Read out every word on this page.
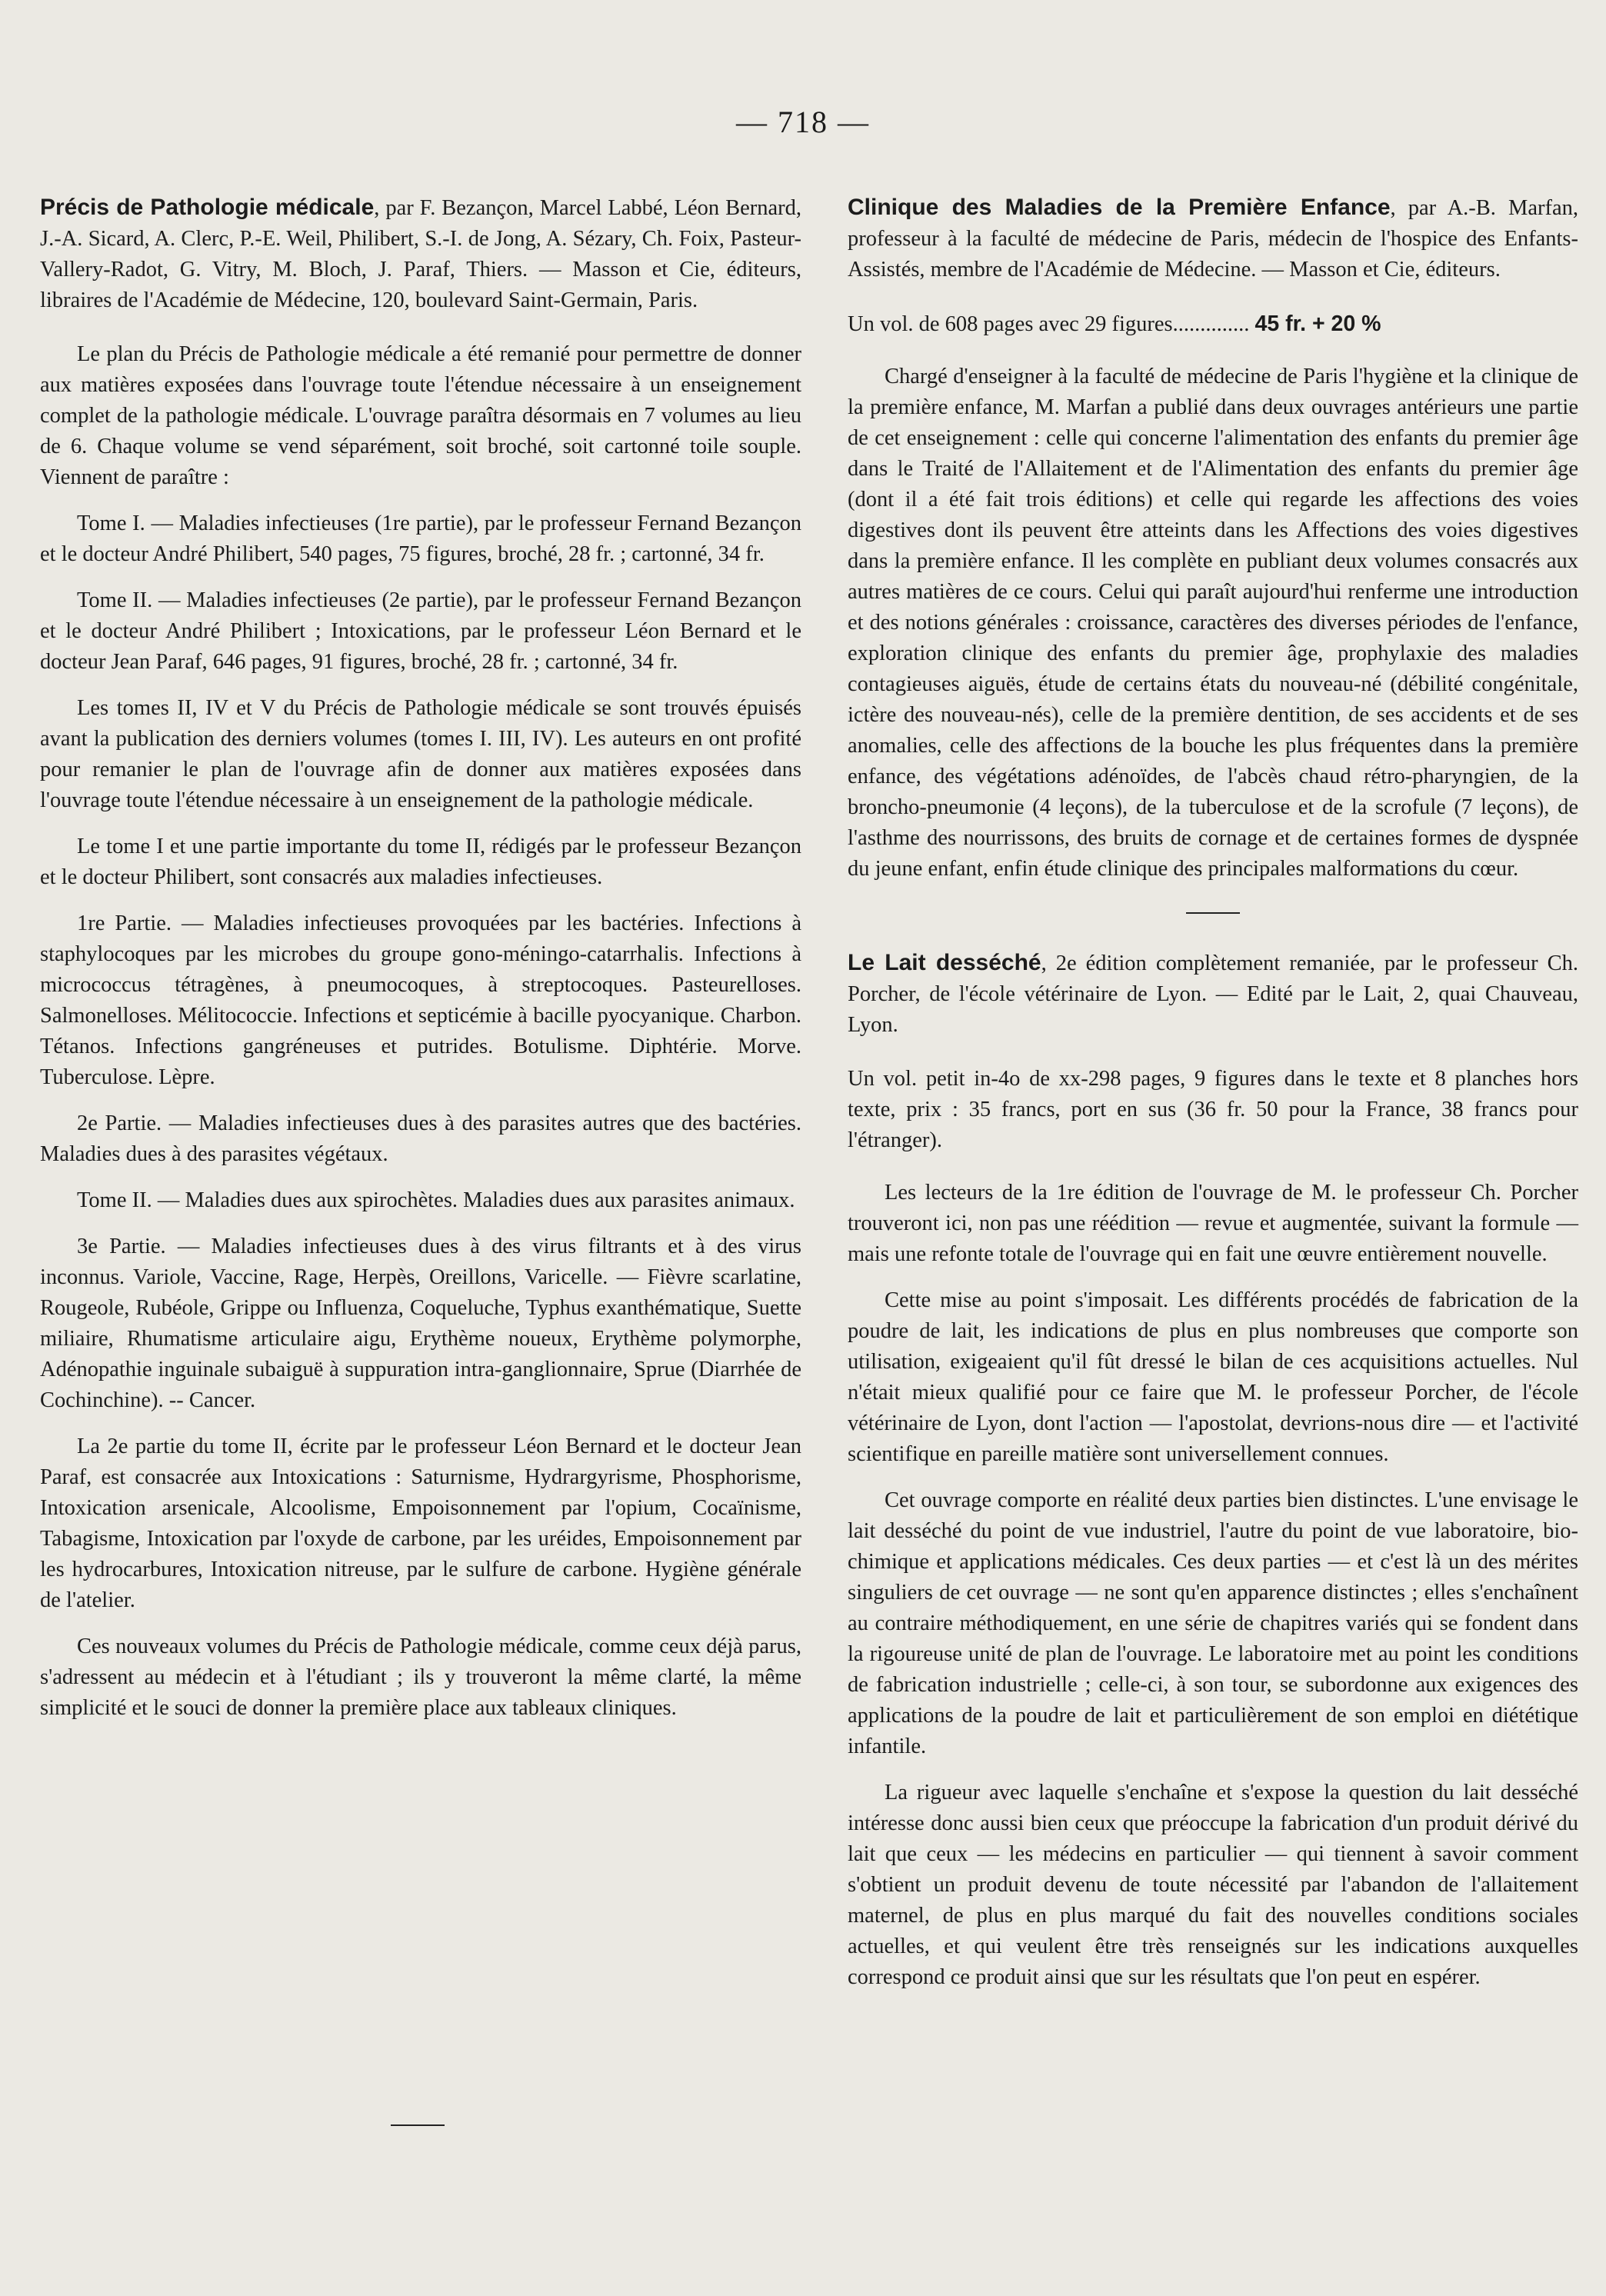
— 718 —

Précis de Pathologie médicale, par F. Bezançon, Marcel Labbé, Léon Bernard, J.-A. Sicard, A. Clerc, P.-E. Weil, Philibert, S.-I. de Jong, A. Sézary, Ch. Foix, Pasteur-Vallery-Radot, G. Vitry, M. Bloch, J. Paraf, Thiers. — Masson et Cie, éditeurs, libraires de l'Académie de Médecine, 120, boulevard Saint-Germain, Paris.

Le plan du Précis de Pathologie médicale a été remanié pour permettre de donner aux matières exposées dans l'ouvrage toute l'étendue nécessaire à un enseignement complet de la pathologie médicale. L'ouvrage paraîtra désormais en 7 volumes au lieu de 6. Chaque volume se vend séparément, soit broché, soit cartonné toile souple. Viennent de paraître :

Tome I. — Maladies infectieuses (1re partie), par le professeur Fernand Bezançon et le docteur André Philibert, 540 pages, 75 figures, broché, 28 fr. ; cartonné, 34 fr.

Tome II. — Maladies infectieuses (2e partie), par le professeur Fernand Bezançon et le docteur André Philibert ; Intoxications, par le professeur Léon Bernard et le docteur Jean Paraf, 646 pages, 91 figures, broché, 28 fr. ; cartonné, 34 fr.

Les tomes II, IV et V du Précis de Pathologie médicale se sont trouvés épuisés avant la publication des derniers volumes (tomes I. III, IV). Les auteurs en ont profité pour remanier le plan de l'ouvrage afin de donner aux matières exposées dans l'ouvrage toute l'étendue nécessaire à un enseignement de la pathologie médicale.

Le tome I et une partie importante du tome II, rédigés par le professeur Bezançon et le docteur Philibert, sont consacrés aux maladies infectieuses.

1re Partie. — Maladies infectieuses provoquées par les bactéries. Infections à staphylocoques par les microbes du groupe gono-méningo-catarrhalis. Infections à micrococcus tétragènes, à pneumocoques, à streptocoques. Pasteurelloses. Salmonelloses. Mélitococcie. Infections et septicémie à bacille pyocyanique. Charbon. Tétanos. Infections gangréneuses et putrides. Botulisme. Diphtérie. Morve. Tuberculose. Lèpre.

2e Partie. — Maladies infectieuses dues à des parasites autres que des bactéries. Maladies dues à des parasites végétaux.

Tome II. — Maladies dues aux spirochètes. Maladies dues aux parasites animaux.

3e Partie. — Maladies infectieuses dues à des virus filtrants et à des virus inconnus. Variole, Vaccine, Rage, Herpès, Oreillons, Varicelle. — Fièvre scarlatine, Rougeole, Rubéole, Grippe ou Influenza, Coqueluche, Typhus exanthématique, Suette miliaire, Rhumatisme articulaire aigu, Erythème noueux, Erythème polymorphe, Adénopathie inguinale subaiguë à suppuration intra-ganglionnaire, Sprue (Diarrhée de Cochinchine). -- Cancer.

La 2e partie du tome II, écrite par le professeur Léon Bernard et le docteur Jean Paraf, est consacrée aux Intoxications : Saturnisme, Hydrargyrisme, Phosphorisme, Intoxication arsenicale, Alcoolisme, Empoisonnement par l'opium, Cocaïnisme, Tabagisme, Intoxication par l'oxyde de carbone, par les uréides, Empoisonnement par les hydrocarbures, Intoxication nitreuse, par le sulfure de carbone. Hygiène générale de l'atelier.

Ces nouveaux volumes du Précis de Pathologie médicale, comme ceux déjà parus, s'adressent au médecin et à l'étudiant ; ils y trouveront la même clarté, la même simplicité et le souci de donner la première place aux tableaux cliniques.

Clinique des Maladies de la Première Enfance, par A.-B. Marfan, professeur à la faculté de médecine de Paris, médecin de l'hospice des Enfants-Assistés, membre de l'Académie de Médecine. — Masson et Cie, éditeurs.

Un vol. de 608 pages avec 29 figures.............. 45 fr. + 20 %

Chargé d'enseigner à la faculté de médecine de Paris l'hygiène et la clinique de la première enfance, M. Marfan a publié dans deux ouvrages antérieurs une partie de cet enseignement : celle qui concerne l'alimentation des enfants du premier âge dans le Traité de l'Allaitement et de l'Alimentation des enfants du premier âge (dont il a été fait trois éditions) et celle qui regarde les affections des voies digestives dont ils peuvent être atteints dans les Affections des voies digestives dans la première enfance. Il les complète en publiant deux volumes consacrés aux autres matières de ce cours. Celui qui paraît aujourd'hui renferme une introduction et des notions générales : croissance, caractères des diverses périodes de l'enfance, exploration clinique des enfants du premier âge, prophylaxie des maladies contagieuses aiguës, étude de certains états du nouveau-né (débilité congénitale, ictère des nouveau-nés), celle de la première dentition, de ses accidents et de ses anomalies, celle des affections de la bouche les plus fréquentes dans la première enfance, des végétations adénoïdes, de l'abcès chaud rétro-pharyngien, de la broncho-pneumonie (4 leçons), de la tuberculose et de la scrofule (7 leçons), de l'asthme des nourrissons, des bruits de cornage et de certaines formes de dyspnée du jeune enfant, enfin étude clinique des principales malformations du cœur.

Le Lait desséché, 2e édition complètement remaniée, par le professeur Ch. Porcher, de l'école vétérinaire de Lyon. — Edité par le Lait, 2, quai Chauveau, Lyon.

Un vol. petit in-4o de xx-298 pages, 9 figures dans le texte et 8 planches hors texte, prix : 35 francs, port en sus (36 fr. 50 pour la France, 38 francs pour l'étranger).

Les lecteurs de la 1re édition de l'ouvrage de M. le professeur Ch. Porcher trouveront ici, non pas une réédition — revue et augmentée, suivant la formule — mais une refonte totale de l'ouvrage qui en fait une œuvre entièrement nouvelle.

Cette mise au point s'imposait. Les différents procédés de fabrication de la poudre de lait, les indications de plus en plus nombreuses que comporte son utilisation, exigeaient qu'il fût dressé le bilan de ces acquisitions actuelles. Nul n'était mieux qualifié pour ce faire que M. le professeur Porcher, de l'école vétérinaire de Lyon, dont l'action — l'apostolat, devrions-nous dire — et l'activité scientifique en pareille matière sont universellement connues.

Cet ouvrage comporte en réalité deux parties bien distinctes. L'une envisage le lait desséché du point de vue industriel, l'autre du point de vue laboratoire, bio-chimique et applications médicales. Ces deux parties — et c'est là un des mérites singuliers de cet ouvrage — ne sont qu'en apparence distinctes ; elles s'enchaînent au contraire méthodiquement, en une série de chapitres variés qui se fondent dans la rigoureuse unité de plan de l'ouvrage. Le laboratoire met au point les conditions de fabrication industrielle ; celle-ci, à son tour, se subordonne aux exigences des applications de la poudre de lait et particulièrement de son emploi en diététique infantile.

La rigueur avec laquelle s'enchaîne et s'expose la question du lait desséché intéresse donc aussi bien ceux que préoccupe la fabrication d'un produit dérivé du lait que ceux — les médecins en particulier — qui tiennent à savoir comment s'obtient un produit devenu de toute nécessité par l'abandon de l'allaitement maternel, de plus en plus marqué du fait des nouvelles conditions sociales actuelles, et qui veulent être très renseignés sur les indications auxquelles correspond ce produit ainsi que sur les résultats que l'on peut en espérer.
